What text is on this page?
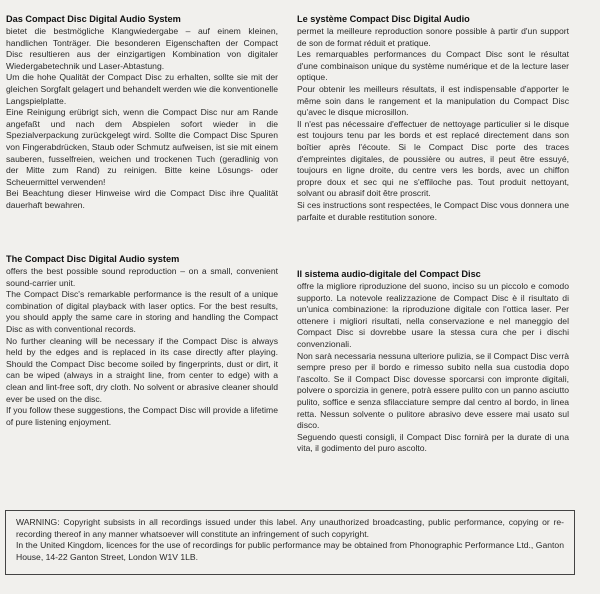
Das Compact Disc Digital Audio System

bietet die bestmögliche Klangwiedergabe – auf einem kleinen, handlichen Tonträger. Die besonderen Eigenschaften der Compact Disc resultieren aus der einzigartigen Kombination von digitaler Wiedergabetechnik und Laser-Abtastung.

Um die hohe Qualität der Compact Disc zu erhalten, sollte sie mit der gleichen Sorgfalt gelagert und behandelt werden wie die konventionelle Langspielplatte.

Eine Reinigung erübrigt sich, wenn die Compact Disc nur am Rande angefaßt und nach dem Abspielen sofort wieder in die Spezialverpackung zurückgelegt wird. Sollte die Compact Disc Spuren von Fingerabdrücken, Staub oder Schmutz aufweisen, ist sie mit einem sauberen, fusselfreien, weichen und trockenen Tuch (geradlinig von der Mitte zum Rand) zu reinigen. Bitte keine Lösungs- oder Scheuermittel verwenden!

Bei Beachtung dieser Hinweise wird die Compact Disc ihre Qualität dauerhaft bewahren.

The Compact Disc Digital Audio system

offers the best possible sound reproduction – on a small, convenient sound-carrier unit.

The Compact Disc's remarkable performance is the result of a unique combination of digital playback with laser optics. For the best results, you should apply the same care in storing and handling the Compact Disc as with conventional records.

No further cleaning will be necessary if the Compact Disc is always held by the edges and is replaced in its case directly after playing. Should the Compact Disc become soiled by fingerprints, dust or dirt, it can be wiped (always in a straight line, from center to edge) with a clean and lint-free soft, dry cloth. No solvent or abrasive cleaner should ever be used on the disc.

If you follow these suggestions, the Compact Disc will provide a lifetime of pure listening enjoyment.

Le système Compact Disc Digital Audio

permet la meilleure reproduction sonore possible à partir d'un support de son de format réduit et pratique.

Les remarquables performances du Compact Disc sont le résultat d'une combinaison unique du système numérique et de la lecture laser optique.

Pour obtenir les meilleurs résultats, il est indispensable d'apporter le même soin dans le rangement et la manipulation du Compact Disc qu'avec le disque microsillon.

Il n'est pas nécessaire d'effectuer de nettoyage particulier si le disque est toujours tenu par les bords et est replacé directement dans son boîtier après l'écoute. Si le Compact Disc porte des traces d'empreintes digitales, de poussière ou autres, il peut être essuyé, toujours en ligne droite, du centre vers les bords, avec un chiffon propre doux et sec qui ne s'effiloche pas. Tout produit nettoyant, solvant ou abrasif doit être proscrit.

Si ces instructions sont respectées, le Compact Disc vous donnera une parfaite et durable restitution sonore.

Il sistema audio-digitale del Compact Disc

offre la migliore riproduzione del suono, inciso su un piccolo e comodo supporto. La notevole realizzazione de Compact Disc è il risultato di un'unica combinazione: la riproduzione digitale con l'ottica laser. Per ottenere i migliori risultati, nella conservazione e nel maneggio del Compact Disc si dovrebbe usare la stessa cura che per i dischi convenzionali.

Non sarà necessaria nessuna ulteriore pulizia, se il Compact Disc verrà sempre preso per il bordo e rimesso subito nella sua custodia dopo l'ascolto. Se il Compact Disc dovesse sporcarsi con impronte digitali, polvere o sporcizia in genere, potrà essere pulito con un panno asciutto pulito, soffice e senza sfilacciature sempre dal centro al bordo, in linea retta. Nessun solvente o pulitore abrasivo deve essere mai usato sul disco.

Seguendo questi consigli, il Compact Disc fornirà per la durate di una vita, il godimento del puro ascolto.

WARNING: Copyright subsists in all recordings issued under this label. Any unauthorized broadcasting, public performance, copying or re-recording thereof in any manner whatsoever will constitute an infringement of such copyright.

In the United Kingdom, licences for the use of recordings for public performance may be obtained from Phonographic Performance Ltd., Ganton House, 14-22 Ganton Street, London W1V 1LB.
